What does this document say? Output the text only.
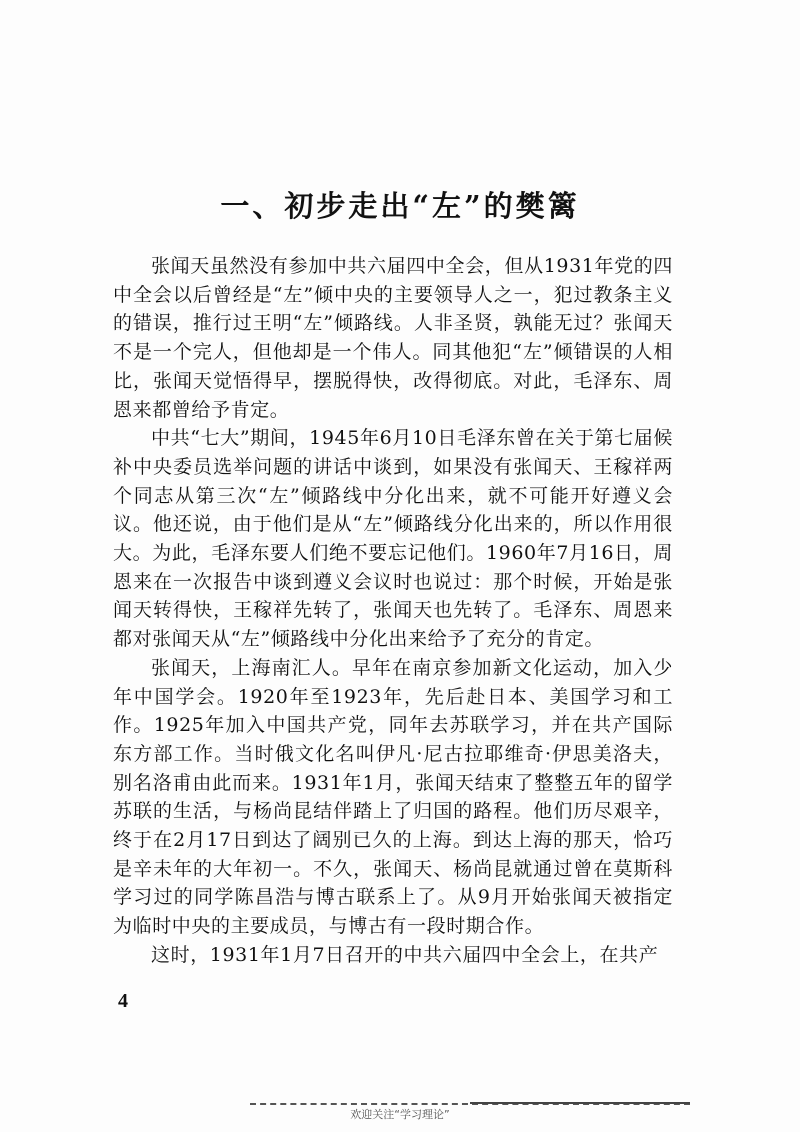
一、初步走出“左”的樊篱

张闻天虽然没有参加中共六届四中全会，但从1931年党的四中全会以后曾经是“左”倾中央的主要领导人之一，犯过教条主义的错误，推行过王明“左”倾路线。人非圣贤，孰能无过？张闻天不是一个完人，但他却是一个伟人。同其他犯“左”倾错误的人相比，张闻天觉悟得早，摆脱得快，改得彻底。对此，毛泽东、周恩来都曾给予肯定。

中共“七大”期间，1945年6月10日毛泽东曾在关于第七届候补中央委员选举问题的讲话中谈到，如果没有张闻天、王稼祥两个同志从第三次“左”倾路线中分化出来，就不可能开好遵义会议。他还说，由于他们是从“左”倾路线分化出来的，所以作用很大。为此，毛泽东要人们绝不要忘记他们。1960年7月16日，周恩来在一次报告中谈到遵义会议时也说过：那个时候，开始是张闻天转得快，王稼祥先转了，张闻天也先转了。毛泽东、周恩来都对张闻天从“左”倾路线中分化出来给予了充分的肯定。

张闻天，上海南汇人。早年在南京参加新文化运动，加入少年中国学会。1920年至1923年，先后赴日本、美国学习和工作。1925年加入中国共产党，同年去苏联学习，并在共产国际东方部工作。当时俄文化名叫伊凡·尼古拉耶维奇·伊思美洛夫，别名洛甫由此而来。1931年1月，张闻天结束了整整五年的留学苏联的生活，与杨尚昆结伴踏上了归国的路程。他们历尽艰辛，终于在2月17日到达了阔别已久的上海。到达上海的那天，恰巧是辛未年的大年初一。不久，张闻天、杨尚昆就通过曾在莫斯科学习过的同学陈昌浩与博古联系上了。从9月开始张闻天被指定为临时中央的主要成员，与博古有一段时期合作。

这时，1931年1月7日召开的中共六届四中全会上，在共产

4
欢迎关注“学习理论”
